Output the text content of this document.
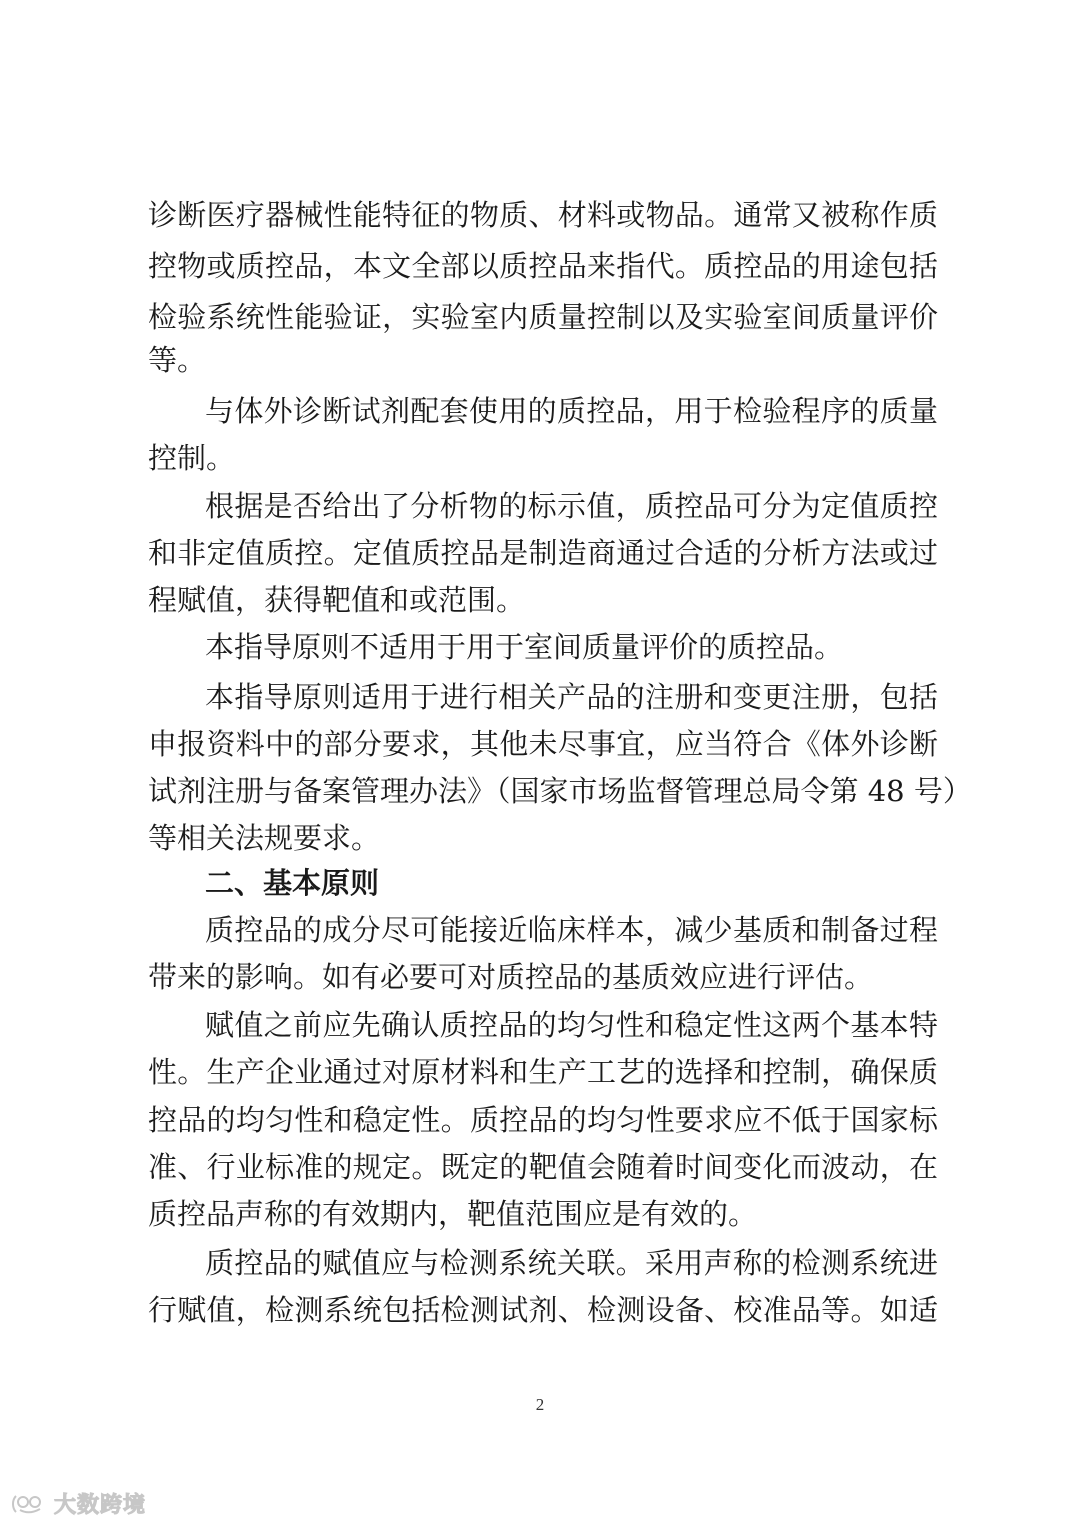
诊断医疗器械性能特征的物质、材料或物品。通常又被称作质
控物或质控品，本文全部以质控品来指代。质控品的用途包括
检验系统性能验证，实验室内质量控制以及实验室间质量评价
等。
与体外诊断试剂配套使用的质控品，用于检验程序的质量
控制。
根据是否给出了分析物的标示值，质控品可分为定值质控
和非定值质控。定值质控品是制造商通过合适的分析方法或过
程赋值，获得靶值和或范围。
本指导原则不适用于用于室间质量评价的质控品。
本指导原则适用于进行相关产品的注册和变更注册，包括
申报资料中的部分要求，其他未尽事宜，应当符合《体外诊断
试剂注册与备案管理办法》（国家市场监督管理总局令第 48 号）
等相关法规要求。
二、基本原则
质控品的成分尽可能接近临床样本，减少基质和制备过程
带来的影响。如有必要可对质控品的基质效应进行评估。
赋值之前应先确认质控品的均匀性和稳定性这两个基本特
性。生产企业通过对原材料和生产工艺的选择和控制，确保质
控品的均匀性和稳定性。质控品的均匀性要求应不低于国家标
准、行业标准的规定。既定的靶值会随着时间变化而波动，在
质控品声称的有效期内，靶值范围应是有效的。
质控品的赋值应与检测系统关联。采用声称的检测系统进
行赋值，检测系统包括检测试剂、检测设备、校准品等。如适
2
大数跨境
